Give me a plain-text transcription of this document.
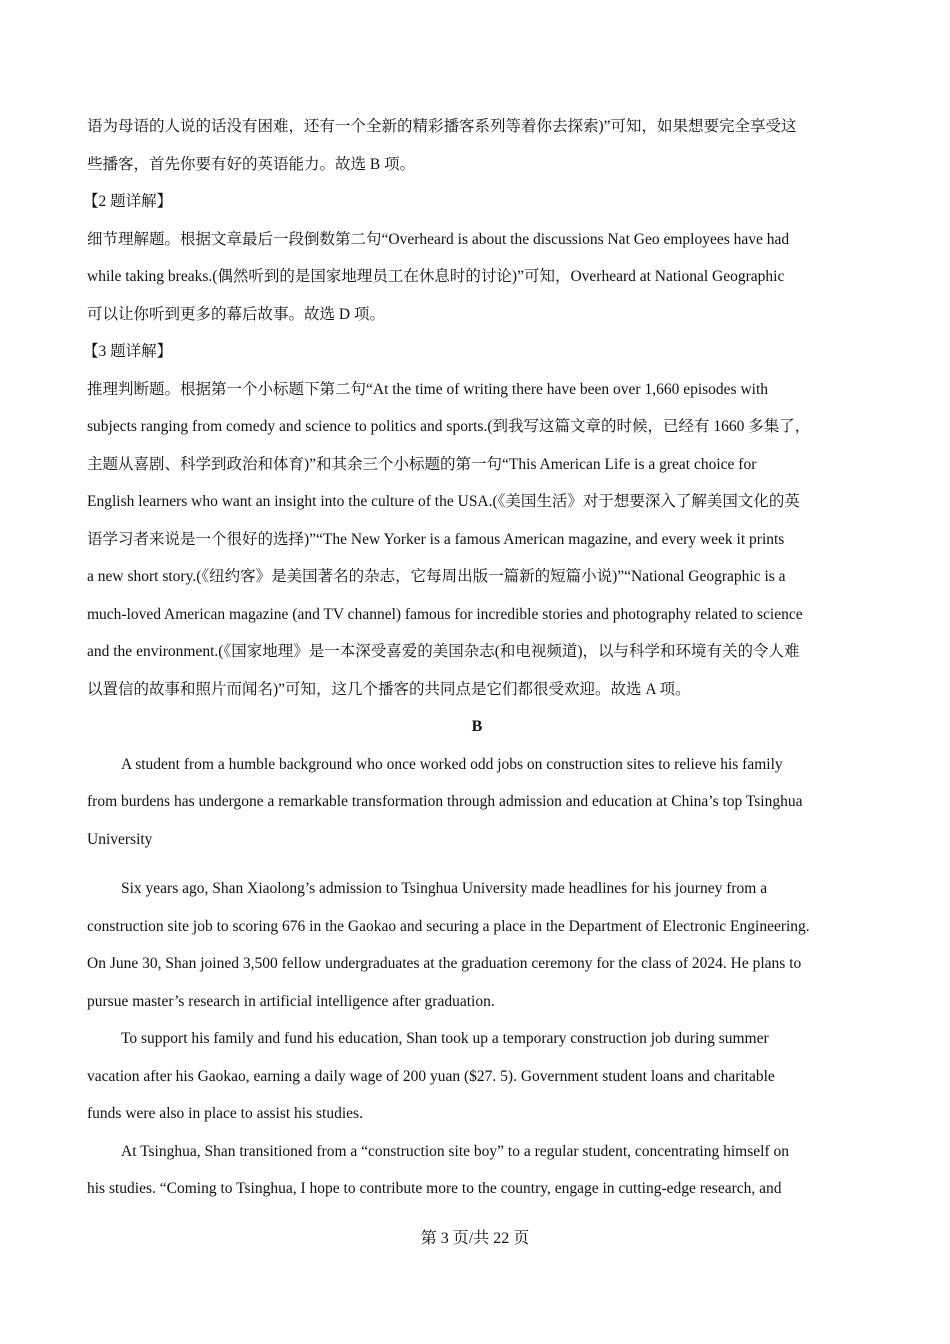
语为母语的人说的话没有困难，还有一个全新的精彩播客系列等着你去探索)”可知，如果想要完全享受这

些播客，首先你要有好的英语能力。故选 B 项。

【2 题详解】

细节理解题。根据文章最后一段倒数第二句“Overheard is about the discussions Nat Geo employees have had

while taking breaks.(偶然听到的是国家地理员工在休息时的讨论)”可知，Overheard at National Geographic

可以让你听到更多的幕后故事。故选 D 项。

【3 题详解】

推理判断题。根据第一个小标题下第二句“At the time of writing there have been over 1,660 episodes with

subjects ranging from comedy and science to politics and sports.(到我写这篇文章的时候，已经有 1660 多集了，

主题从喜剧、科学到政治和体育)”和其余三个小标题的第一句“This American Life is a great choice for

English learners who want an insight into the culture of the USA.(《美国生活》对于想要深入了解美国文化的英

语学习者来说是一个很好的选择)”“The New Yorker is a famous American magazine, and every week it prints

a new short story.(《纽约客》是美国著名的杂志，它每周出版一篇新的短篇小说)”“National Geographic is a

much-loved American magazine (and TV channel) famous for incredible stories and photography related to science

and the environment.(《国家地理》是一本深受喜爱的美国杂志(和电视频道)，以与科学和环境有关的令人难

以置信的故事和照片而闻名)”可知，这几个播客的共同点是它们都很受欢迎。故选 A 项。

B

A student from a humble background who once worked odd jobs on construction sites to relieve his family

from burdens has undergone a remarkable transformation through admission and education at China’s top Tsinghua

University

Six years ago, Shan Xiaolong’s admission to Tsinghua University made headlines for his journey from a

construction site job to scoring 676 in the Gaokao and securing a place in the Department of Electronic Engineering.

On June 30, Shan joined 3,500 fellow undergraduates at the graduation ceremony for the class of 2024. He plans to

pursue master’s research in artificial intelligence after graduation.

To support his family and fund his education, Shan took up a temporary construction job during summer

vacation after his Gaokao, earning a daily wage of 200 yuan ($27. 5). Government student loans and charitable

funds were also in place to assist his studies.

At Tsinghua, Shan transitioned from a “construction site boy” to a regular student, concentrating himself on

his studies. “Coming to Tsinghua, I hope to contribute more to the country, engage in cutting-edge research, and

第 3 页/共 22 页
